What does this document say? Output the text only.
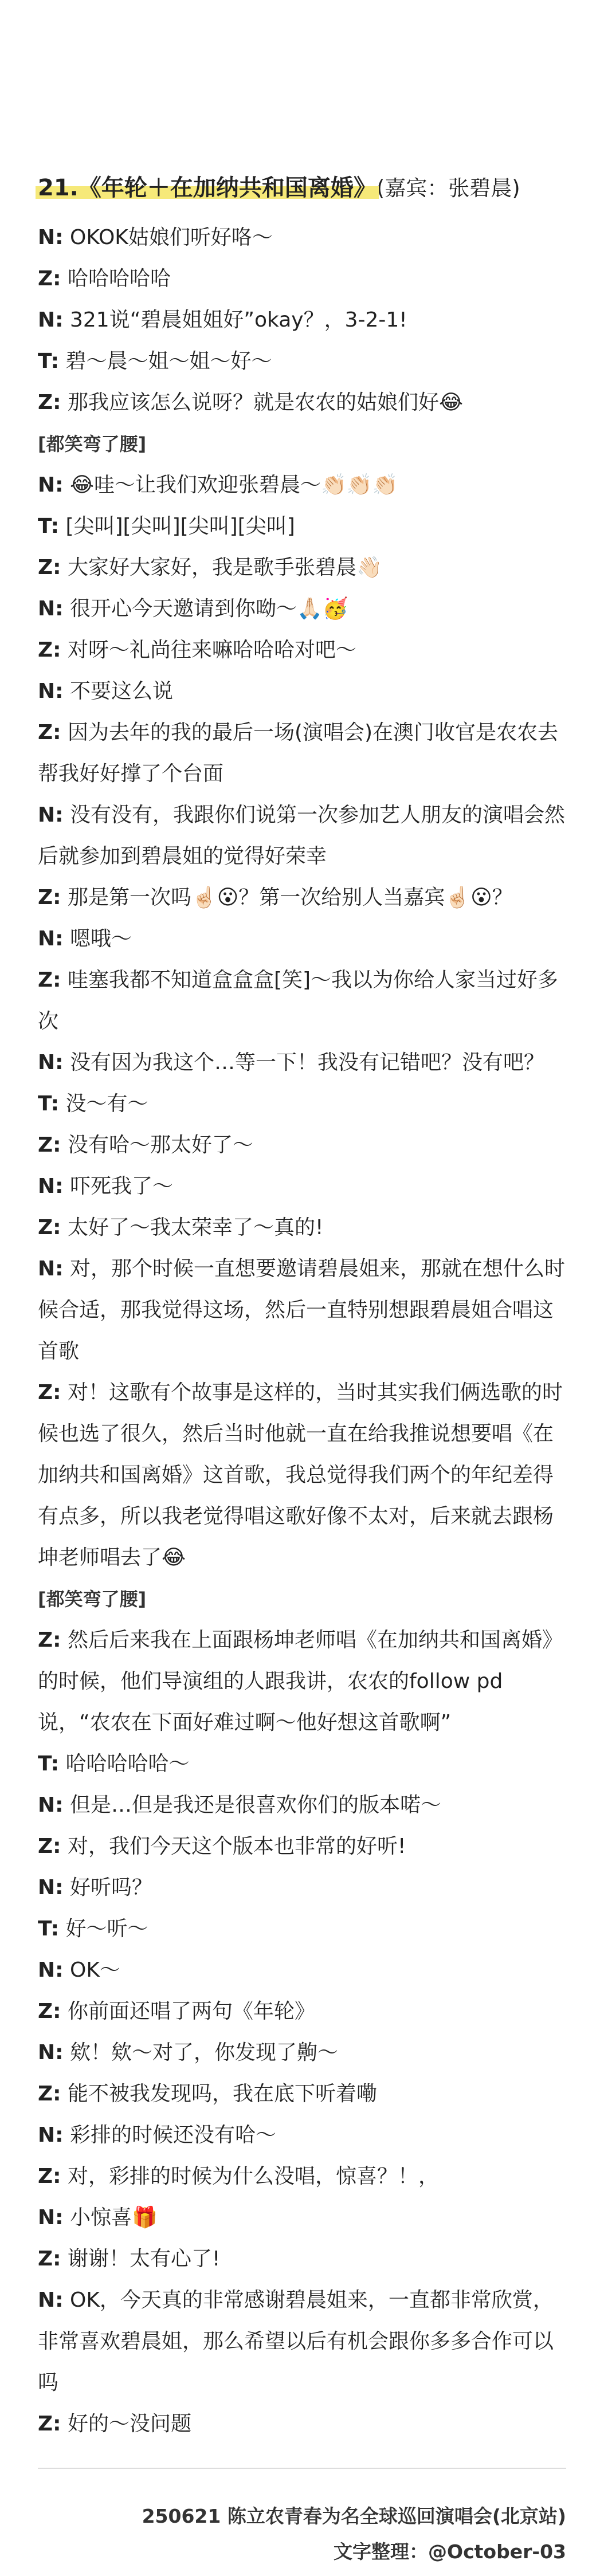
21.《年轮＋在加纳共和国离婚》(嘉宾：张碧晨)

N: OKOK姑娘们听好咯～

Z: 哈哈哈哈哈

N: 321说“碧晨姐姐好”okay？，3-2-1!

T: 碧～晨～姐～姐～好～

Z: 那我应该怎么说呀？就是农农的姑娘们好😂

[都笑弯了腰]

N: 😂哇～让我们欢迎张碧晨～👏🏻👏🏻👏🏻

T: [尖叫][尖叫][尖叫][尖叫]

Z: 大家好大家好，我是歌手张碧晨👋🏻

N: 很开心今天邀请到你呦～🙏🏻🥳

Z: 对呀～礼尚往来嘛哈哈哈对吧～

N: 不要这么说

Z: 因为去年的我的最后一场(演唱会)在澳门收官是农农去帮我好好撑了个台面

N: 没有没有，我跟你们说第一次参加艺人朋友的演唱会然后就参加到碧晨姐的觉得好荣幸

Z: 那是第一次吗☝🏻😮？第一次给别人当嘉宾☝🏻😮？

N: 嗯哦～

Z: 哇塞我都不知道盒盒盒[笑]～我以为你给人家当过好多次

N: 没有因为我这个…等一下！我没有记错吧？没有吧？

T: 没～有～

Z: 没有哈～那太好了～

N: 吓死我了～

Z: 太好了～我太荣幸了～真的!

N: 对，那个时候一直想要邀请碧晨姐来，那就在想什么时候合适，那我觉得这场，然后一直特别想跟碧晨姐合唱这首歌

Z: 对！这歌有个故事是这样的，当时其实我们俩选歌的时候也选了很久，然后当时他就一直在给我推说想要唱《在加纳共和国离婚》这首歌，我总觉得我们两个的年纪差得有点多，所以我老觉得唱这歌好像不太对，后来就去跟杨坤老师唱去了😂

[都笑弯了腰]

Z: 然后后来我在上面跟杨坤老师唱《在加纳共和国离婚》的时候，他们导演组的人跟我讲，农农的follow pd说，“农农在下面好难过啊～他好想这首歌啊”

T: 哈哈哈哈哈～

N: 但是…但是我还是很喜欢你们的版本喏～

Z: 对，我们今天这个版本也非常的好听!

N: 好听吗？

T: 好～听～

N: OK～

Z: 你前面还唱了两句《年轮》

N: 欸！欸～对了，你发现了齁～

Z: 能不被我发现吗，我在底下听着嘞

N: 彩排的时候还没有哈～

Z: 对，彩排的时候为什么没唱，惊喜？！，

N: 小惊喜🎁

Z: 谢谢！太有心了!

N: OK，今天真的非常感谢碧晨姐来，一直都非常欣赏，非常喜欢碧晨姐，那么希望以后有机会跟你多多合作可以吗

Z: 好的～没问题

250621 陈立农青春为名全球巡回演唱会(北京站)
文字整理：@October-03
